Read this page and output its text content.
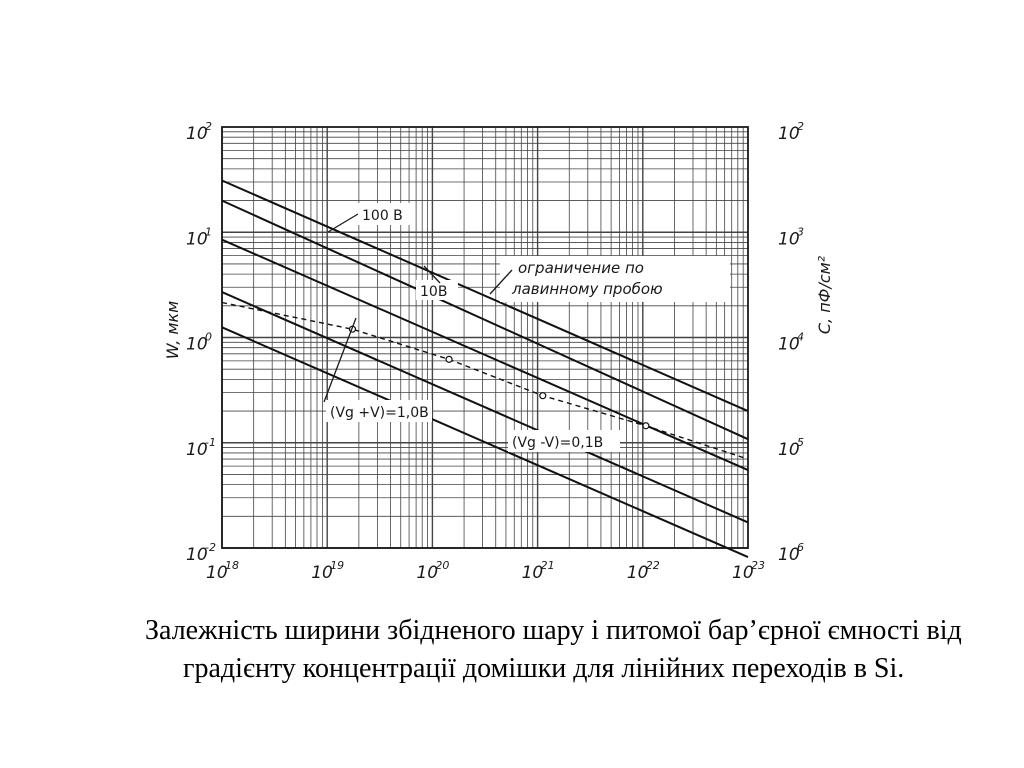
10
18	10
19	10
20	10
21	10
22	10
23
10
2
10
1
10
0
10
-1
10
-2
10
2
10
3
10
4
10
5
10
6
W, мкм	C, пФ/см²
100 В
10В
ограничение по
лавинному пробою
(Vg +V)=1,0В
(Vg -V)=0,1В

Залежність ширини збідненого шару і питомої бар’єрної ємності від градієнту концентрації домішки для лінійних переходів в Si.
